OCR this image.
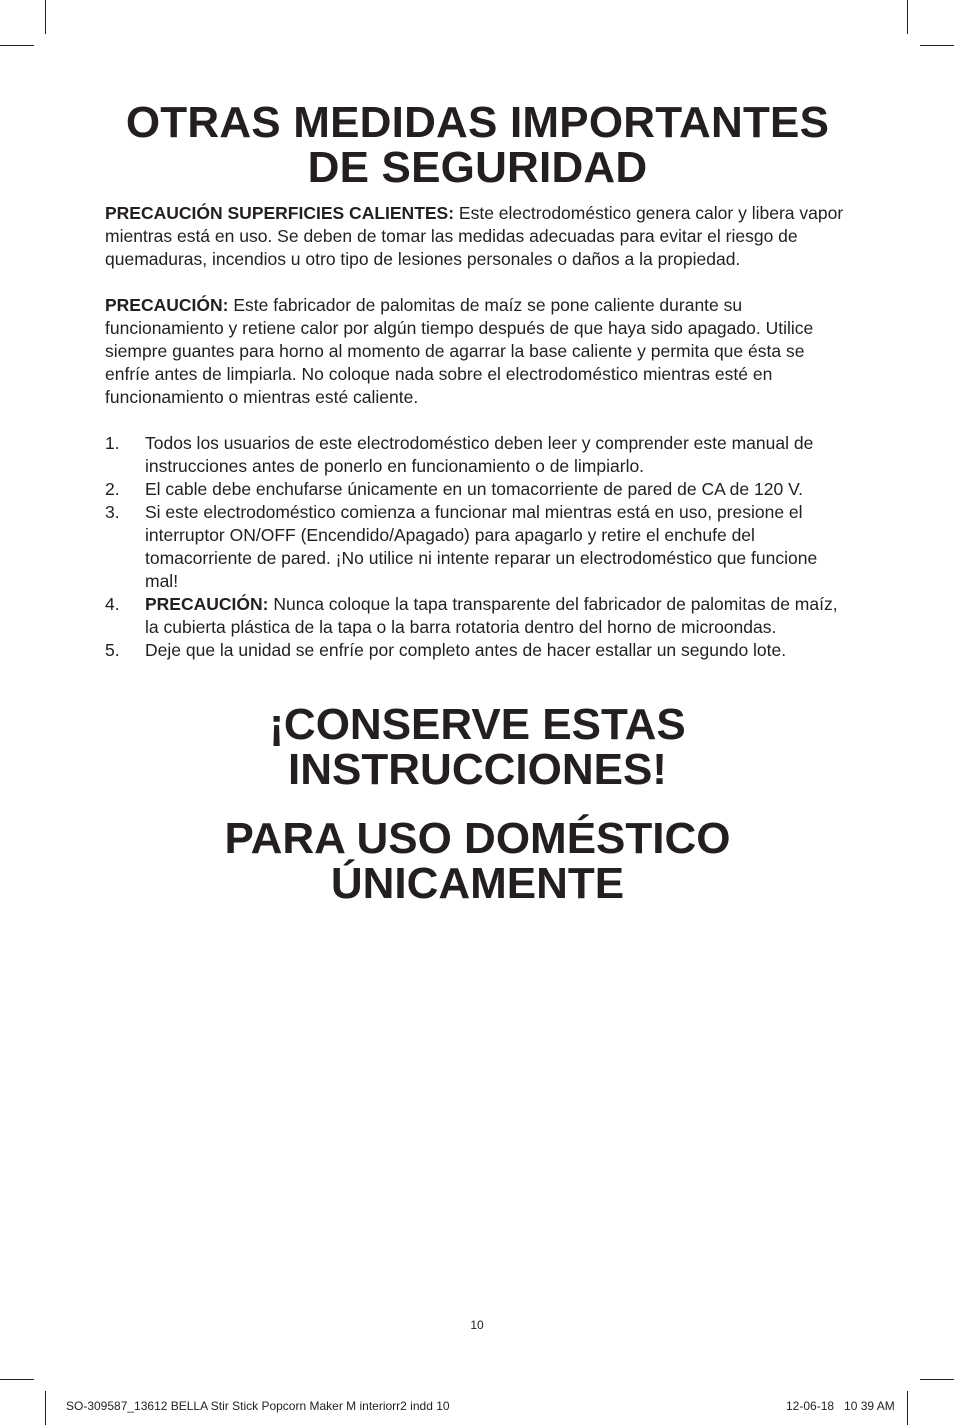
OTRAS MEDIDAS IMPORTANTES
DE SEGURIDAD

PRECAUCIÓN SUPERFICIES CALIENTES: Este electrodoméstico genera calor y libera vapor mientras está en uso. Se deben de tomar las medidas adecuadas para evitar el riesgo de quemaduras, incendios u otro tipo de lesiones personales o daños a la propiedad.

PRECAUCIÓN: Este fabricador de palomitas de maíz se pone caliente durante su funcionamiento y retiene calor por algún tiempo después de que haya sido apagado. Utilice siempre guantes para horno al momento de agarrar la base caliente y permita que ésta se enfríe antes de limpiarla. No coloque nada sobre el electrodoméstico mientras esté en funcionamiento o mientras esté caliente.

1.	Todos los usuarios de este electrodoméstico deben leer y comprender este manual de instrucciones antes de ponerlo en funcionamiento o de limpiarlo.
2.	El cable debe enchufarse únicamente en un tomacorriente de pared de CA de 120 V.
3.	Si este electrodoméstico comienza a funcionar mal mientras está en uso, presione el interruptor ON/OFF (Encendido/Apagado) para apagarlo y retire el enchufe del tomacorriente de pared. ¡No utilice ni intente reparar un electrodoméstico que funcione mal!
4.	PRECAUCIÓN: Nunca coloque la tapa transparente del fabricador de palomitas de maíz, la cubierta plástica de la tapa o la barra rotatoria dentro del horno de microondas.
5.	Deje que la unidad se enfríe por completo antes de hacer estallar un segundo lote.
¡CONSERVE ESTAS
INSTRUCCIONES!
PARA USO DOMÉSTICO
ÚNICAMENTE
10
SO-309587_13612 BELLA Stir Stick Popcorn Maker M interiorr2 indd 10	12-06-18   10 39 AM
